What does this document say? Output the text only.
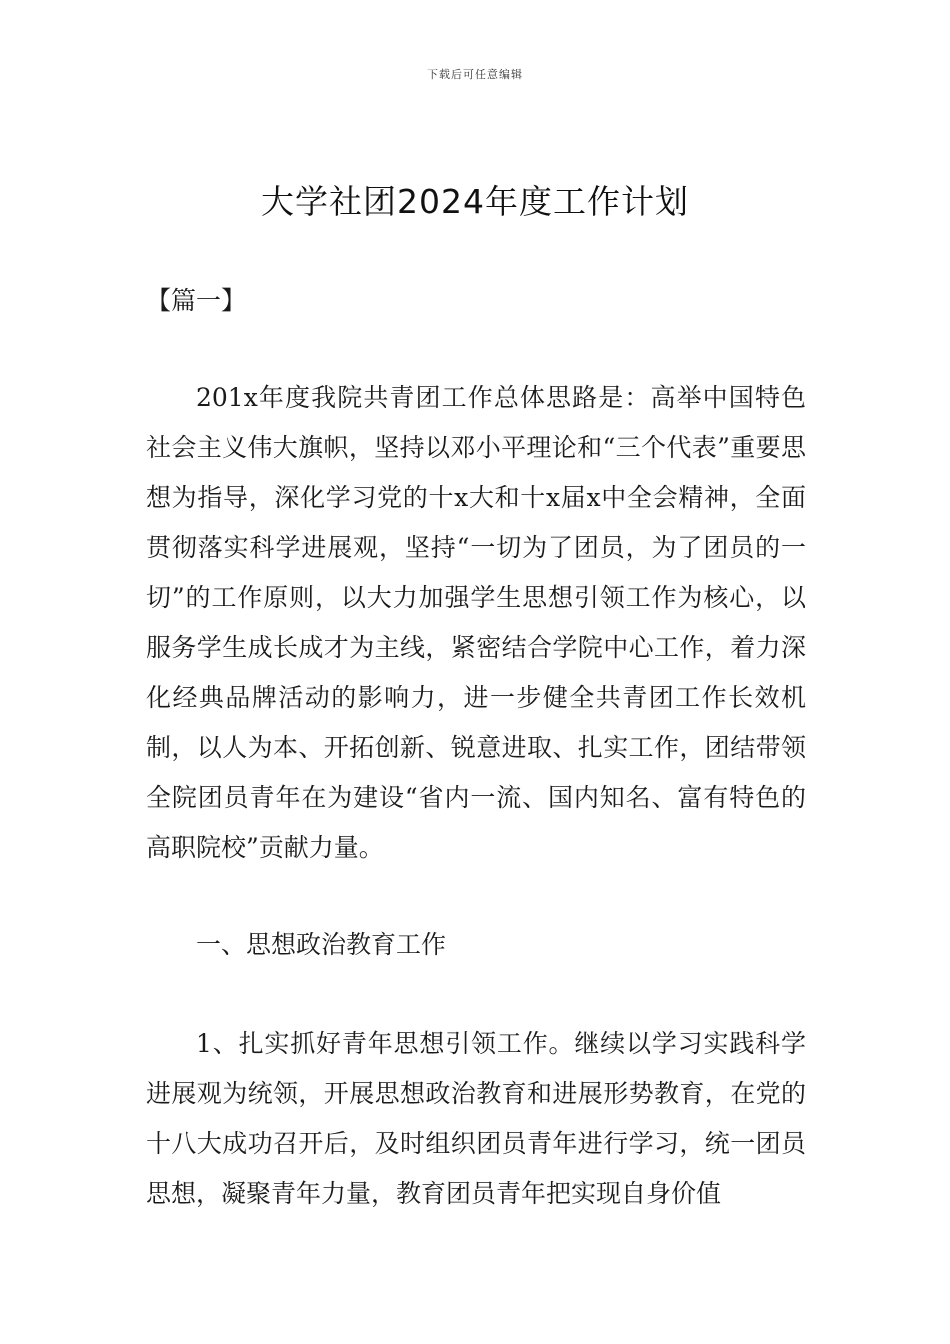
下载后可任意编辑
大学社团2024年度工作计划

【篇一】

201x年度我院共青团工作总体思路是：高举中国特色社会主义伟大旗帜，坚持以邓小平理论和“三个代表”重要思想为指导，深化学习党的十x大和十x届x中全会精神，全面贯彻落实科学进展观，坚持“一切为了团员，为了团员的一切”的工作原则，以大力加强学生思想引领工作为核心，以服务学生成长成才为主线，紧密结合学院中心工作，着力深化经典品牌活动的影响力，进一步健全共青团工作长效机制，以人为本、开拓创新、锐意进取、扎实工作，团结带领全院团员青年在为建设“省内一流、国内知名、富有特色的高职院校”贡献力量。

一、思想政治教育工作

1、扎实抓好青年思想引领工作。继续以学习实践科学进展观为统领，开展思想政治教育和进展形势教育，在党的十八大成功召开后，及时组织团员青年进行学习，统一团员思想，凝聚青年力量，教育团员青年把实现自身价值
